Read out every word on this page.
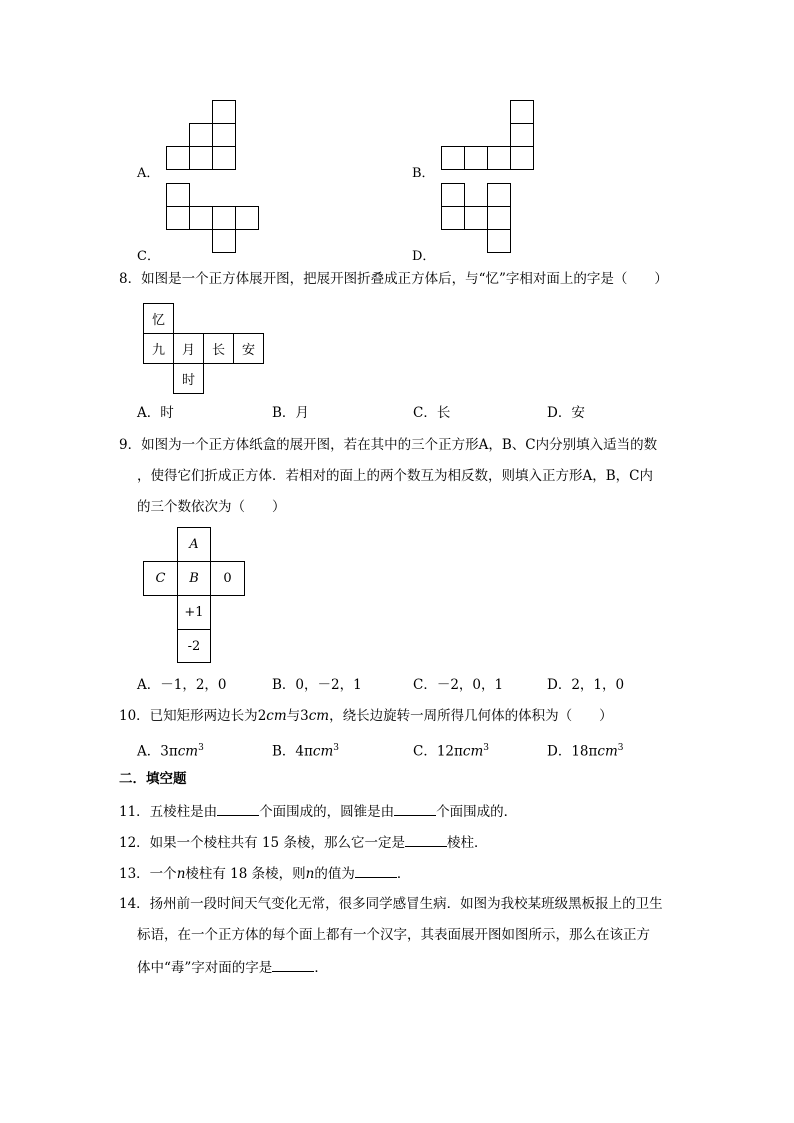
A．	B．
C．	D．
8．如图是一个正方体展开图，把展开图折叠成正方体后，与“忆”字相对面上的字是（　　）
忆
九	月	长	安
时
A．时	B．月	C．长	D．安
9．如图为一个正方体纸盒的展开图，若在其中的三个正方形A，B、C内分别填入适当的数
，使得它们折成正方体．若相对的面上的两个数互为相反数，则填入正方形A，B，C内
的三个数依次为（　　）
A
C	B	0
+1
-2
A．－1，2，0	B．0，－2，1	C．－2，0，1	D．2，1，0
10．已知矩形两边长为2cm与3cm，绕长边旋转一周所得几何体的体积为（　　）
A．3πcm$^3$	B．4πcm$^3$	C．12πcm$^3$	D．18πcm$^3$
二．填空题
11．五棱柱是由	个面围成的，圆锥是由	个面围成的．
12．如果一个棱柱共有 15 条棱，那么它一定是	棱柱．
13．一个n棱柱有 18 条棱，则n的值为	．
14．扬州前一段时间天气变化无常，很多同学感冒生病．如图为我校某班级黑板报上的卫生
标语，在一个正方体的每个面上都有一个汉字，其表面展开图如图所示，那么在该正方
体中“毒”字对面的字是	．
